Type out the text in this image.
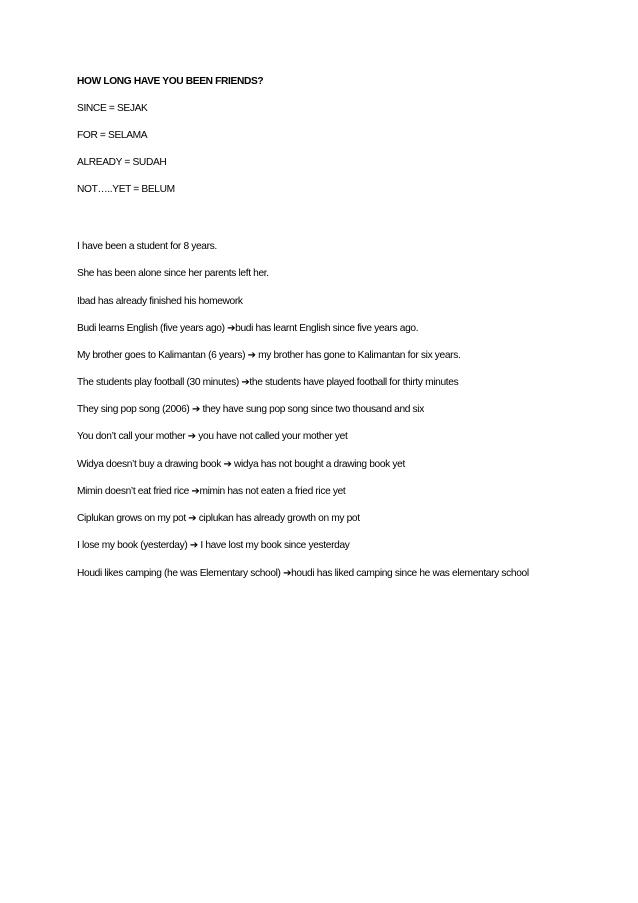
HOW LONG HAVE YOU BEEN FRIENDS?
SINCE = SEJAK
FOR = SELAMA
ALREADY = SUDAH
NOT…..YET = BELUM
I have been a student for 8 years.
She has been alone since her parents left her.
Ibad has already finished his homework
Budi learns English (five years ago) ➔budi has learnt English since five years ago.
My brother goes to Kalimantan (6 years) ➔ my brother has gone to Kalimantan for six years.
The students play football (30 minutes) ➔the students have played football for thirty minutes
They sing pop song (2006) ➔ they have sung pop song since two thousand and six
You don’t call your mother ➔ you have not called your mother yet
Widya doesn’t buy a drawing book ➔ widya has not bought a drawing book yet
Mimin doesn’t eat fried rice ➔mimin has not eaten a fried rice yet
Ciplukan grows on my pot ➔ ciplukan has already growth on my pot
I lose my book (yesterday) ➔ I have lost my book since yesterday
Houdi likes camping (he was Elementary school) ➔houdi has liked camping since he was elementary school
